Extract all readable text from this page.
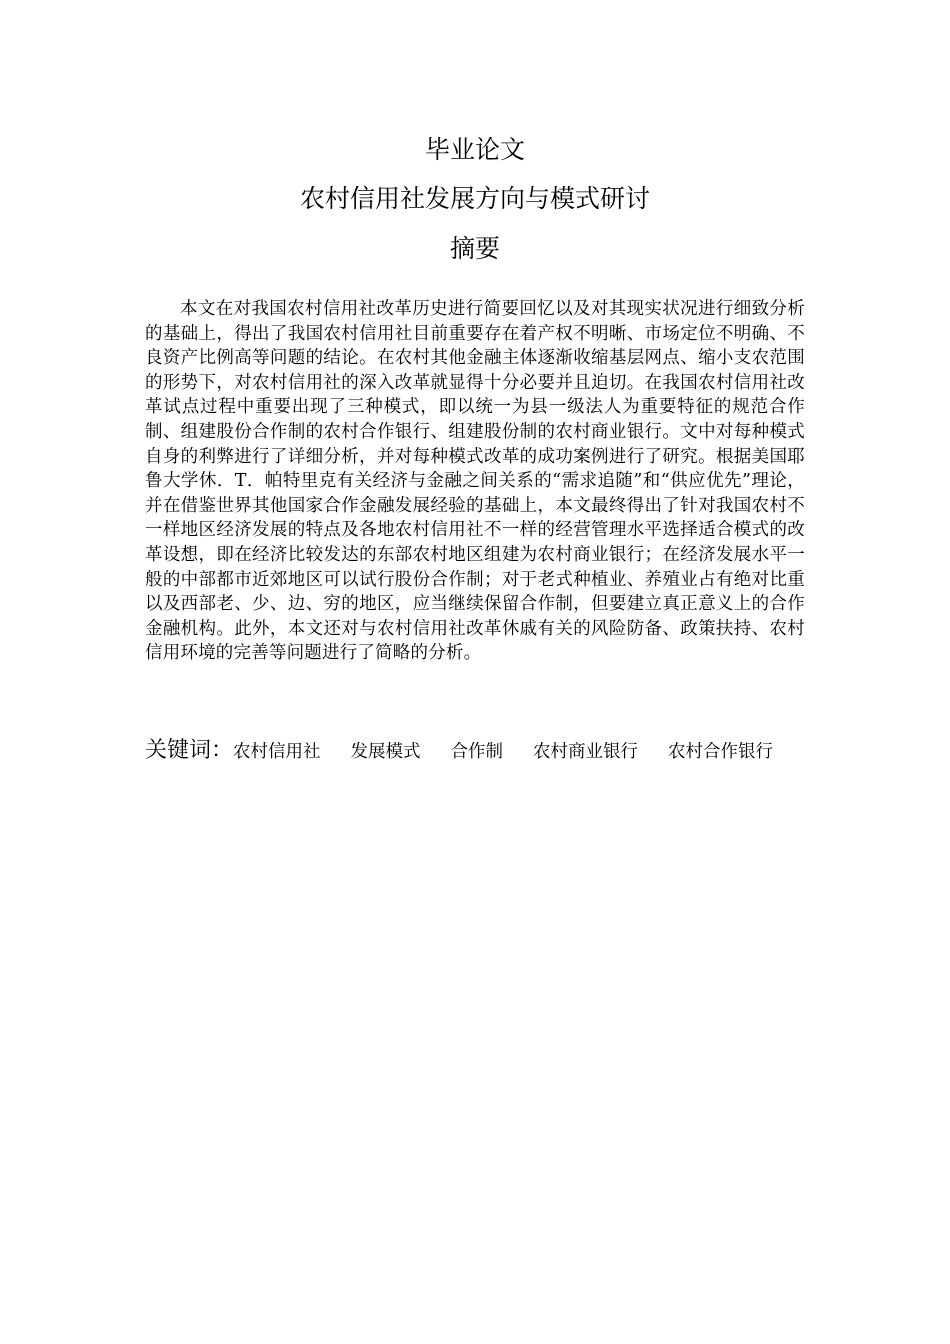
毕业论文
农村信用社发展方向与模式研讨
摘要

本文在对我国农村信用社改革历史进行简要回忆以及对其现实状况进行细致分析的基础上，得出了我国农村信用社目前重要存在着产权不明晰、市场定位不明确、不良资产比例高等问题的结论。在农村其他金融主体逐渐收缩基层网点、缩小支农范围的形势下，对农村信用社的深入改革就显得十分必要并且迫切。在我国农村信用社改革试点过程中重要出现了三种模式，即以统一为县一级法人为重要特征的规范合作制、组建股份合作制的农村合作银行、组建股份制的农村商业银行。文中对每种模式自身的利弊进行了详细分析，并对每种模式改革的成功案例进行了研究。根据美国耶鲁大学休．T．帕特里克有关经济与金融之间关系的“需求追随”和“供应优先”理论，并在借鉴世界其他国家合作金融发展经验的基础上，本文最终得出了针对我国农村不一样地区经济发展的特点及各地农村信用社不一样的经营管理水平选择适合模式的改革设想，即在经济比较发达的东部农村地区组建为农村商业银行；在经济发展水平一般的中部都市近郊地区可以试行股份合作制；对于老式种植业、养殖业占有绝对比重以及西部老、少、边、穷的地区，应当继续保留合作制，但要建立真正意义上的合作金融机构。此外，本文还对与农村信用社改革休戚有关的风险防备、政策扶持、农村信用环境的完善等问题进行了简略的分析。

关键词：农村信用社 发展模式 合作制 农村商业银行 农村合作银行
